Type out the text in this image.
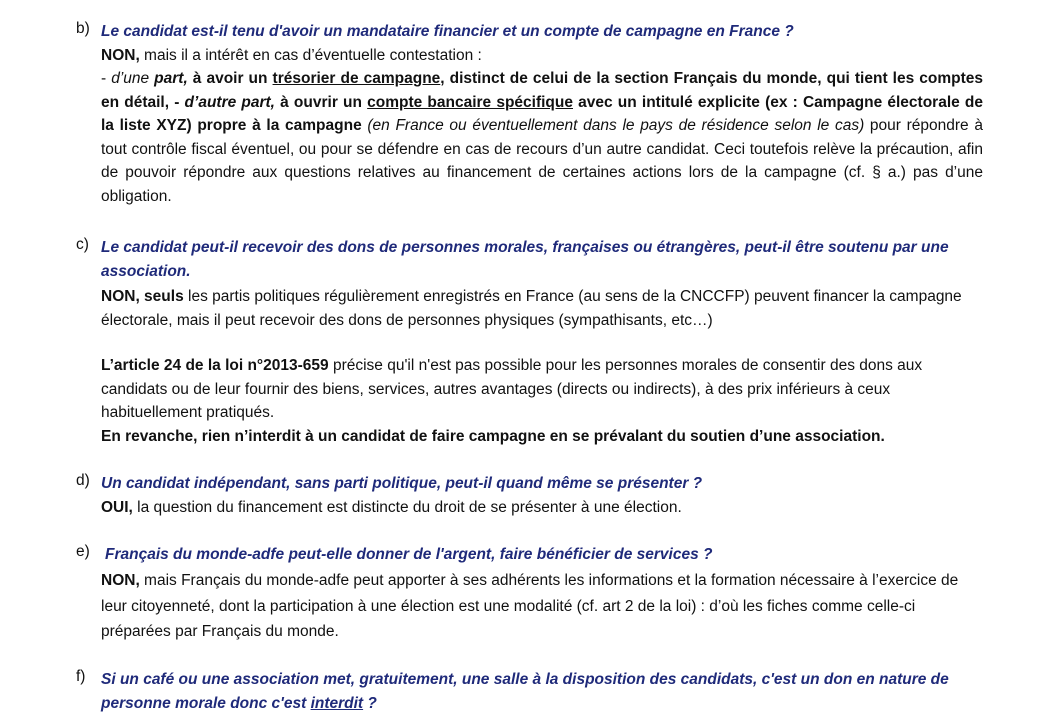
b) Le candidat est-il tenu d'avoir un mandataire financier et un compte de campagne en France ?

NON, mais il a intérêt en cas d’éventuelle contestation :

- d’une part, à avoir un trésorier de campagne, distinct de celui de la section Français du monde, qui tient les comptes en détail, - d’autre part, à ouvrir un compte bancaire spécifique avec un intitulé explicite (ex : Campagne électorale de la liste XYZ) propre à la campagne (en France ou éventuellement dans le pays de résidence selon le cas) pour répondre à tout contrôle fiscal éventuel, ou pour se défendre en cas de recours d’un autre candidat. Ceci toutefois relève la précaution, afin de pouvoir répondre aux questions relatives au financement de certaines actions lors de la campagne (cf. § a.) pas d’une obligation.

c) Le candidat peut-il recevoir des dons de personnes morales, françaises ou étrangères, peut-il être soutenu par une association.

NON, seuls les partis politiques régulièrement enregistrés en France (au sens de la CNCCFP) peuvent financer la campagne électorale, mais il peut recevoir des dons de personnes physiques (sympathisants, etc…)

L’article 24 de la loi n°2013-659 précise qu'il n'est pas possible pour les personnes morales de consentir des dons aux candidats ou de leur fournir des biens, services, autres avantages (directs ou indirects), à des prix inférieurs à ceux habituellement pratiqués.

En revanche, rien n’interdit à un candidat de faire campagne en se prévalant du soutien d’une association.

d) Un candidat indépendant, sans parti politique, peut-il quand même se présenter ?

OUI, la question du financement est distincte du droit de se présenter à une élection.

e) Français du monde-adfe peut-elle donner de l'argent, faire bénéficier de services ?

NON, mais Français du monde-adfe peut apporter à ses adhérents les informations et la formation nécessaire à l’exercice de leur citoyenneté, dont la participation à une élection est une modalité (cf. art 2 de la loi) : d’où les fiches comme celle-ci préparées par Français du monde.

f) Si un café ou une association met, gratuitement, une salle à la disposition des candidats, c'est un don en nature de personne morale donc c'est interdit ?
